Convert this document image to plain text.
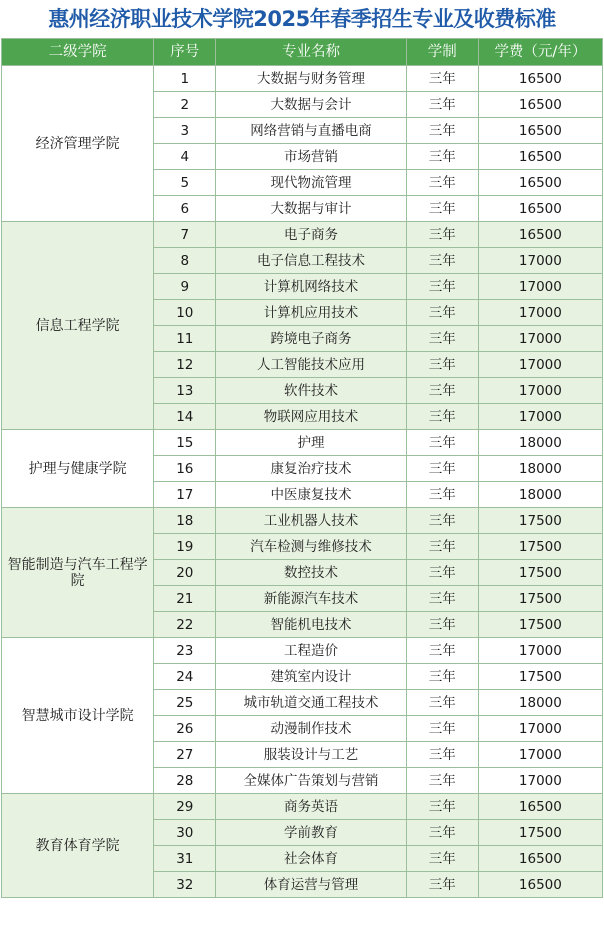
惠州经济职业技术学院2025年春季招生专业及收费标准
二级学院	序号	专业名称	学制	学费（元/年）
经济管理学院	1	大数据与财务管理	三年	16500
	2	大数据与会计	三年	16500
	3	网络营销与直播电商	三年	16500
	4	市场营销	三年	16500
	5	现代物流管理	三年	16500
	6	大数据与审计	三年	16500
信息工程学院	7	电子商务	三年	16500
	8	电子信息工程技术	三年	17000
	9	计算机网络技术	三年	17000
	10	计算机应用技术	三年	17000
	11	跨境电子商务	三年	17000
	12	人工智能技术应用	三年	17000
	13	软件技术	三年	17000
	14	物联网应用技术	三年	17000
护理与健康学院	15	护理	三年	18000
	16	康复治疗技术	三年	18000
	17	中医康复技术	三年	18000
智能制造与汽车工程学院	18	工业机器人技术	三年	17500
	19	汽车检测与维修技术	三年	17500
	20	数控技术	三年	17500
	21	新能源汽车技术	三年	17500
	22	智能机电技术	三年	17500
智慧城市设计学院	23	工程造价	三年	17000
	24	建筑室内设计	三年	17500
	25	城市轨道交通工程技术	三年	18000
	26	动漫制作技术	三年	17000
	27	服装设计与工艺	三年	17000
	28	全媒体广告策划与营销	三年	17000
教育体育学院	29	商务英语	三年	16500
	30	学前教育	三年	17500
	31	社会体育	三年	16500
	32	体育运营与管理	三年	16500
